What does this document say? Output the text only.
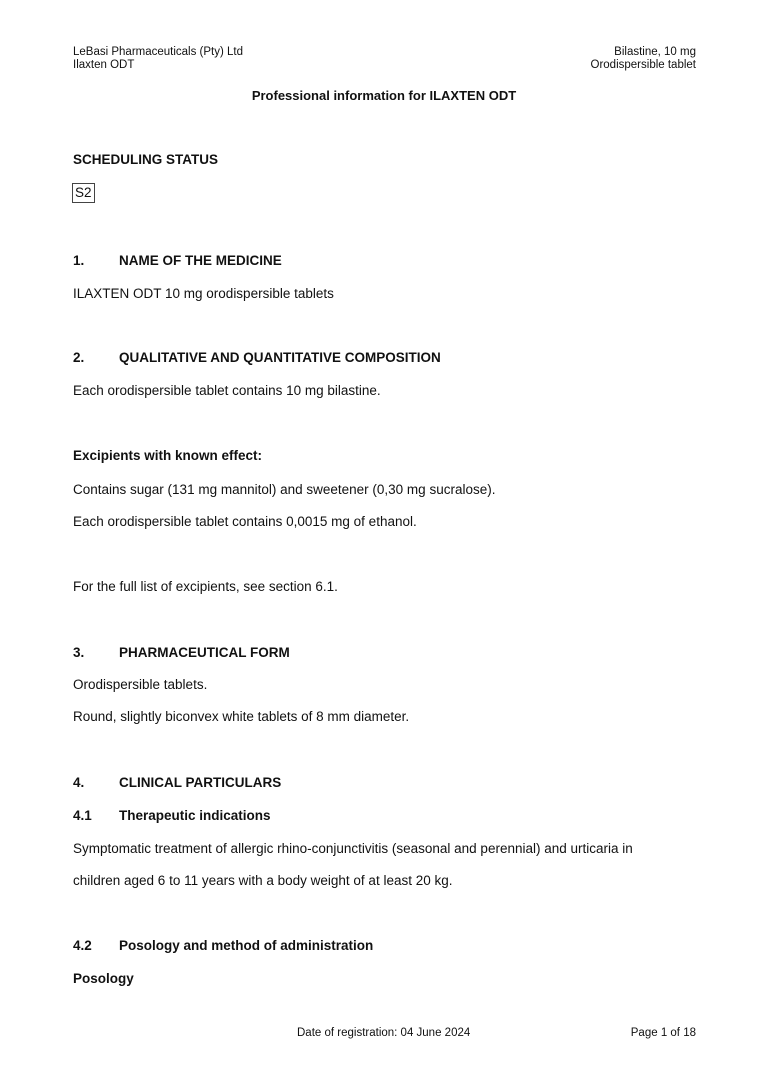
LeBasi Pharmaceuticals (Pty) Ltd
Ilaxten ODT
Bilastine, 10 mg
Orodispersible tablet
Professional information for ILAXTEN ODT
SCHEDULING STATUS
S2
1.	NAME OF THE MEDICINE
ILAXTEN ODT 10 mg orodispersible tablets
2.	QUALITATIVE AND QUANTITATIVE COMPOSITION
Each orodispersible tablet contains 10 mg bilastine.
Excipients with known effect:
Contains sugar (131 mg mannitol) and sweetener (0,30 mg sucralose).
Each orodispersible tablet contains 0,0015 mg of ethanol.
For the full list of excipients, see section 6.1.
3.	PHARMACEUTICAL FORM
Orodispersible tablets.
Round, slightly biconvex white tablets of 8 mm diameter.
4.	CLINICAL PARTICULARS
4.1 Therapeutic indications
Symptomatic treatment of allergic rhino-conjunctivitis (seasonal and perennial) and urticaria in
children aged 6 to 11 years with a body weight of at least 20 kg.
4.2 Posology and method of administration
Posology
Date of registration: 04 June 2024	Page 1 of 18
